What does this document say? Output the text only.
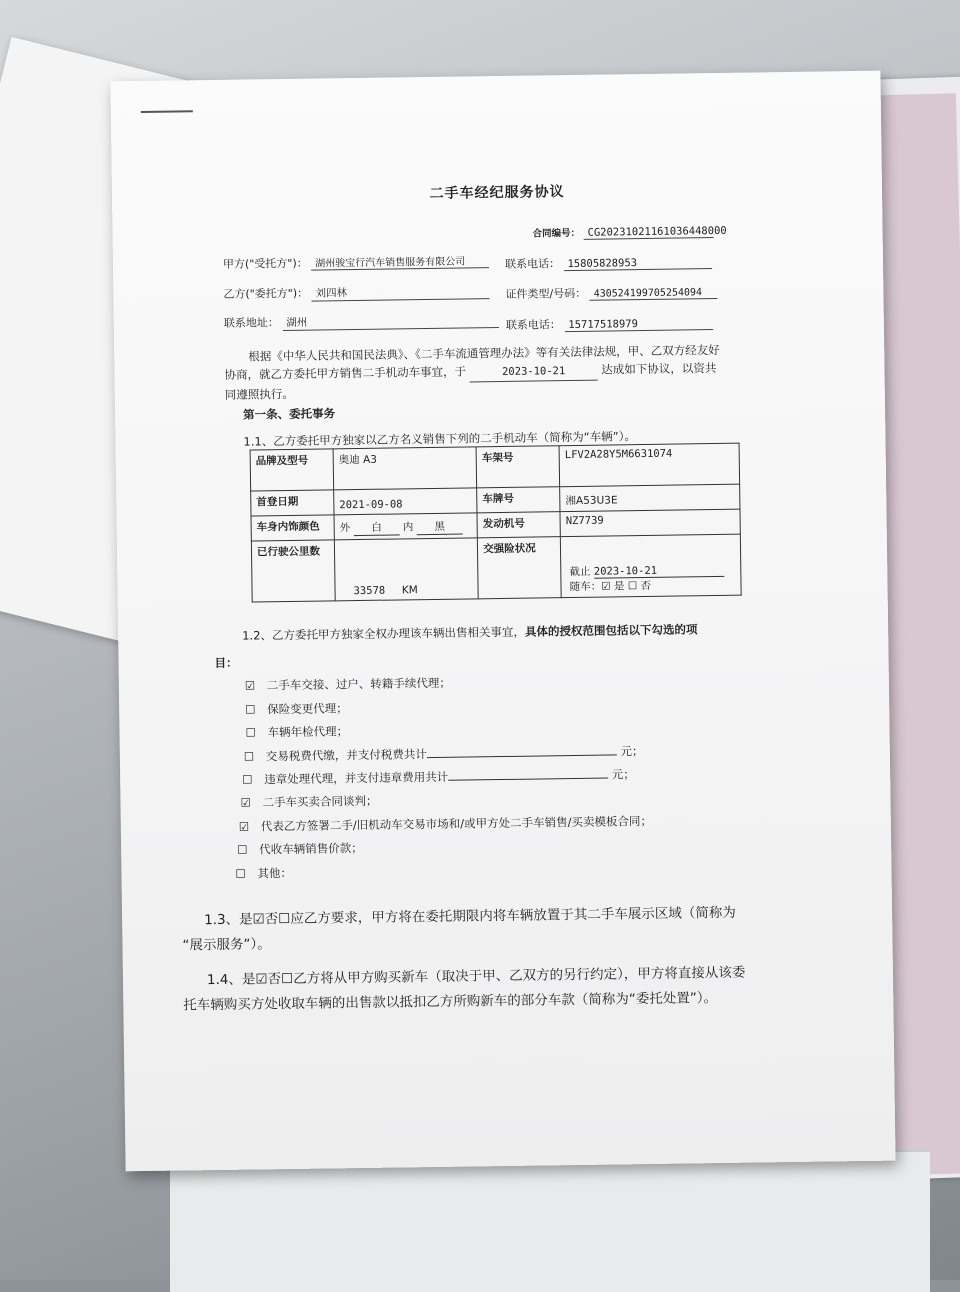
二手车经纪服务协议
合同编号： CG20231021161036448000
甲方("受托方")： 湖州骏宝行汽车销售服务有限公司	联系电话： 15805828953
乙方("委托方")： 刘四林	证件类型/号码： 430524199705254094
联系地址： 湖州	联系电话： 15717518979
根据《中华人民共和国民法典》、《二手车流通管理办法》等有关法律法规，甲、乙双方经友好协商，就乙方委托甲方销售二手机动车事宜，于	2023-10-21	达成如下协议，以资共同遵照执行。
第一条、委托事务
1.1、乙方委托甲方独家以乙方名义销售下列的二手机动车（简称为“车辆”）。
品牌及型号	奥迪 A3	车架号	LFV2A28Y5M6631074
首登日期	2021-09-08	车牌号	湘A53U3E
车身内饰颜色	外 白 内 黑	发动机号	NZ7739
已行驶公里数	33578 KM	交强险状况	截止 2023-10-21
随车：☑ 是 ☐ 否
1.2、乙方委托甲方独家全权办理该车辆出售相关事宜，具体的授权范围包括以下勾选的项
目：
☑ 二手车交接、过户、转籍手续代理；
☐ 保险变更代理；
☐ 车辆年检代理；
☐ 交易税费代缴，并支付税费共计	元；
☐ 违章处理代理，并支付违章费用共计	元；
☑ 二手车买卖合同谈判；
☑ 代表乙方签署二手/旧机动车交易市场和/或甲方处二手车销售/买卖模板合同；
☐ 代收车辆销售价款；
☐ 其他：
1.3、是☑否☐应乙方要求，甲方将在委托期限内将车辆放置于其二手车展示区域（简称为
“展示服务”）。
1.4、是☑否☐乙方将从甲方购买新车（取决于甲、乙双方的另行约定），甲方将直接从该委
托车辆购买方处收取车辆的出售款以抵扣乙方所购新车的部分车款（简称为“委托处置”）。
